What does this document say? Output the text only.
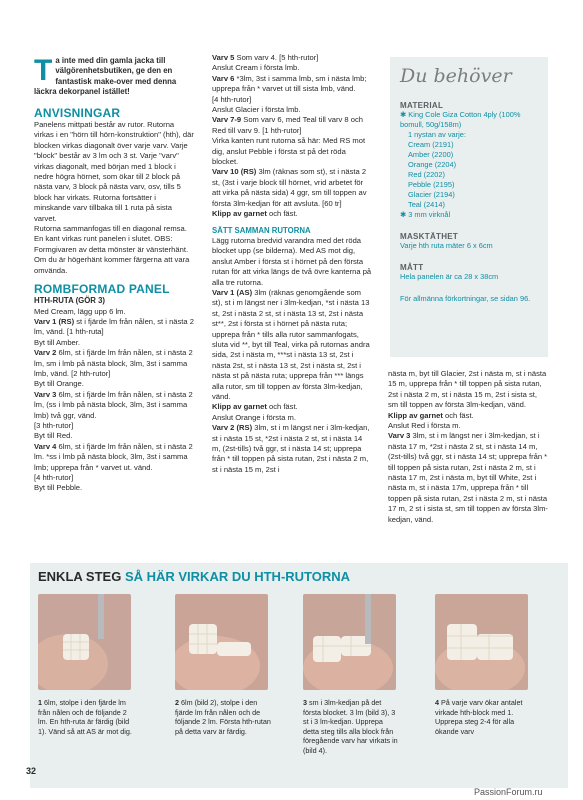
T a inte med din gamla jacka till välgörenhetsbutiken, ge den en fantastisk make-over med denna läckra dekorpanel istället!
ANVISNINGAR

Panelens mittpati består av rutor. Rutorna virkas i en "hörn till hörn-konstruktion" (hth), där blocken virkas diagonalt över varje varv. Varje "block" består av 3 lm och 3 st. Varje "varv" virkas diagonalt, med början med 1 block i nedre högra hörnet, som ökar till 2 block på nästa varv, 3 block på nästa varv, osv, tills 5 block har virkats. Rutorna fortsätter i minskande varv tillbaka till 1 ruta på sista varvet.

Rutorna sammanfogas till en diagonal remsa. En kant virkas runt panelen i slutet. OBS: Formgivaren av detta mönster är vänsterhänt. Om du är högerhänt kommer färgerna att vara omvända.

ROMBFORMAD PANEL
HTH-RUTA (GÖR 3)

Med Cream, lägg upp 6 lm.

Varv 1 (RS) st i fjärde lm från nålen, st i nästa 2 lm, vänd. [1 hth-ruta]

Byt till Amber.

Varv 2 6lm, st i fjärde lm från nålen, st i nästa 2 lm, sm i lmb på nästa block, 3lm, 3st i samma lmb, vänd. [2 hth-rutor]

Byt till Orange.

Varv 3 6lm, st i fjärde lm från nålen, st i nästa 2 lm, (ss i lmb på nästa block, 3lm, 3st i samma lmb) två ggr, vänd.

[3 hth-rutor]

Byt till Red.

Varv 4 6lm, st i fjärde lm från nålen, st i nästa 2 lm. *ss i lmb på nästa block, 3lm, 3st i samma lmb; upprepa från * varvet ut. vänd.

[4 hth-rutor]

Byt till Pebble.

Varv 5 Som varv 4. [5 hth-rutor]

Anslut Cream i första lmb.

Varv 6 *3lm, 3st i samma lmb, sm i nästa lmb; upprepa från * varvet ut till sista lmb, vänd.

[4 hth-rutor]

Anslut Glacier i första lmb.

Varv 7-9 Som varv 6, med Teal till varv 8 och Red till varv 9. [1 hth-rutor]

Virka kanten runt rutorna så här: Med RS mot dig, anslut Pebble i första st på det röda blocket.

Varv 10 (RS) 3lm (räknas som st), st i nästa 2 st, (3st i varje block till hörnet, vrid arbetet för att virka på nästa sida) 4 ggr, sm till toppen av första 3lm-kedjan för att avsluta. [60 tr]

Klipp av garnet och fäst.

SÄTT SAMMAN RUTORNA

Lägg rutorna bredvid varandra med det röda blocket upp (se bilderna). Med AS mot dig, anslut Amber i första st i hörnet på den första rutan för att virka längs de två övre kanterna på alla tre rutorna.

Varv 1 (AS) 3lm (räknas genomgående som st), st i m längst ner i 3lm-kedjan, *st i nästa 13 st, 2st i nästa 2 st, st i nästa 13 st, 2st i nästa st**, 2st i första st i hörnet på nästa ruta; upprepa från * tills alla rutor sammanfogats, sluta vid **, byt till Teal, virka på rutornas andra sida, 2st i nästa m, ***st i nästa 13 st, 2st i nästa 2st, st i nästa 13 st, 2st i nästa st, 2st i nästa st på nästa ruta; upprepa från *** längs alla rutor, sm till toppen av första 3lm-kedjan, vänd.

Klipp av garnet och fäst.

Anslut Orange i första m.

Varv 2 (RS) 3lm, st i m längst ner i 3lm-kedjan, st i nästa 15 st, *2st i nästa 2 st, st i nästa 14 m, (2st-tills) två ggr, st i nästa 14 st; upprepa från * till toppen på sista rutan, 2st i nästa 2 m, st i nästa 15 m, 2st i

Du behöver
MATERIAL
✱ King Cole Giza Cotton 4ply (100% bomull, 50g/158m)
1 nystan av varje:
Cream (2191)
Amber (2200)
Orange (2204)
Red (2202)
Pebble (2195)
Glacier (2194)
Teal (2414)
✱ 3 mm virknål
MASKTÄTHET
Varje hth ruta mäter 6 x 6cm
MÅTT
Hela panelen är ca 28 x 38cm
För allmänna förkortningar, se sidan 96.

nästa m, byt till Glacier, 2st i nästa m, st i nästa 15 m, upprepa från * till toppen på sista rutan, 2st i nästa 2 m, st i nästa 15 m, 2st i sista st, sm till toppen av första 3lm-kedjan, vänd.

Klipp av garnet och fäst.

Anslut Red i första m.

Varv 3 3lm, st i m längst ner i 3lm-kedjan, st i nästa 17 m, *2st i nästa 2 st, st i nästa 14 m, (2st-tills) två ggr, st i nästa 14 st; upprepa från * till toppen på sista rutan, 2st i nästa 2 m, st i nästa 17 m, 2st i nästa m, byt till White, 2st i nästa m, st i nästa 17m, upprepa från * till toppen på sista rutan, 2st i nästa 2 m, st i nästa 17 m, 2 st i sista st, sm till toppen av första 3lm-kedjan, vänd.

ENKLA STEG SÅ HÄR VIRKAR DU HTH-RUTORNA
1 6lm, stolpe i den fjärde lm från nålen och de följande 2 lm. En hth-ruta är färdig (bild 1). Vänd så att AS är mot dig.
2 6lm (bild 2), stolpe i den fjärde lm från nålen och de följande 2 lm. Första hth-rutan på detta varv är färdig.
3 sm i 3lm-kedjan på det första blocket. 3 lm (bild 3), 3 st i 3 lm-kedjan. Upprepa detta steg tills alla block från föregående varv har virkats in (bild 4).
4 På varje varv ökar antalet virkade hth-block med 1. Upprepa steg 2-4 för alla ökande varv
32
PassionForum.ru
